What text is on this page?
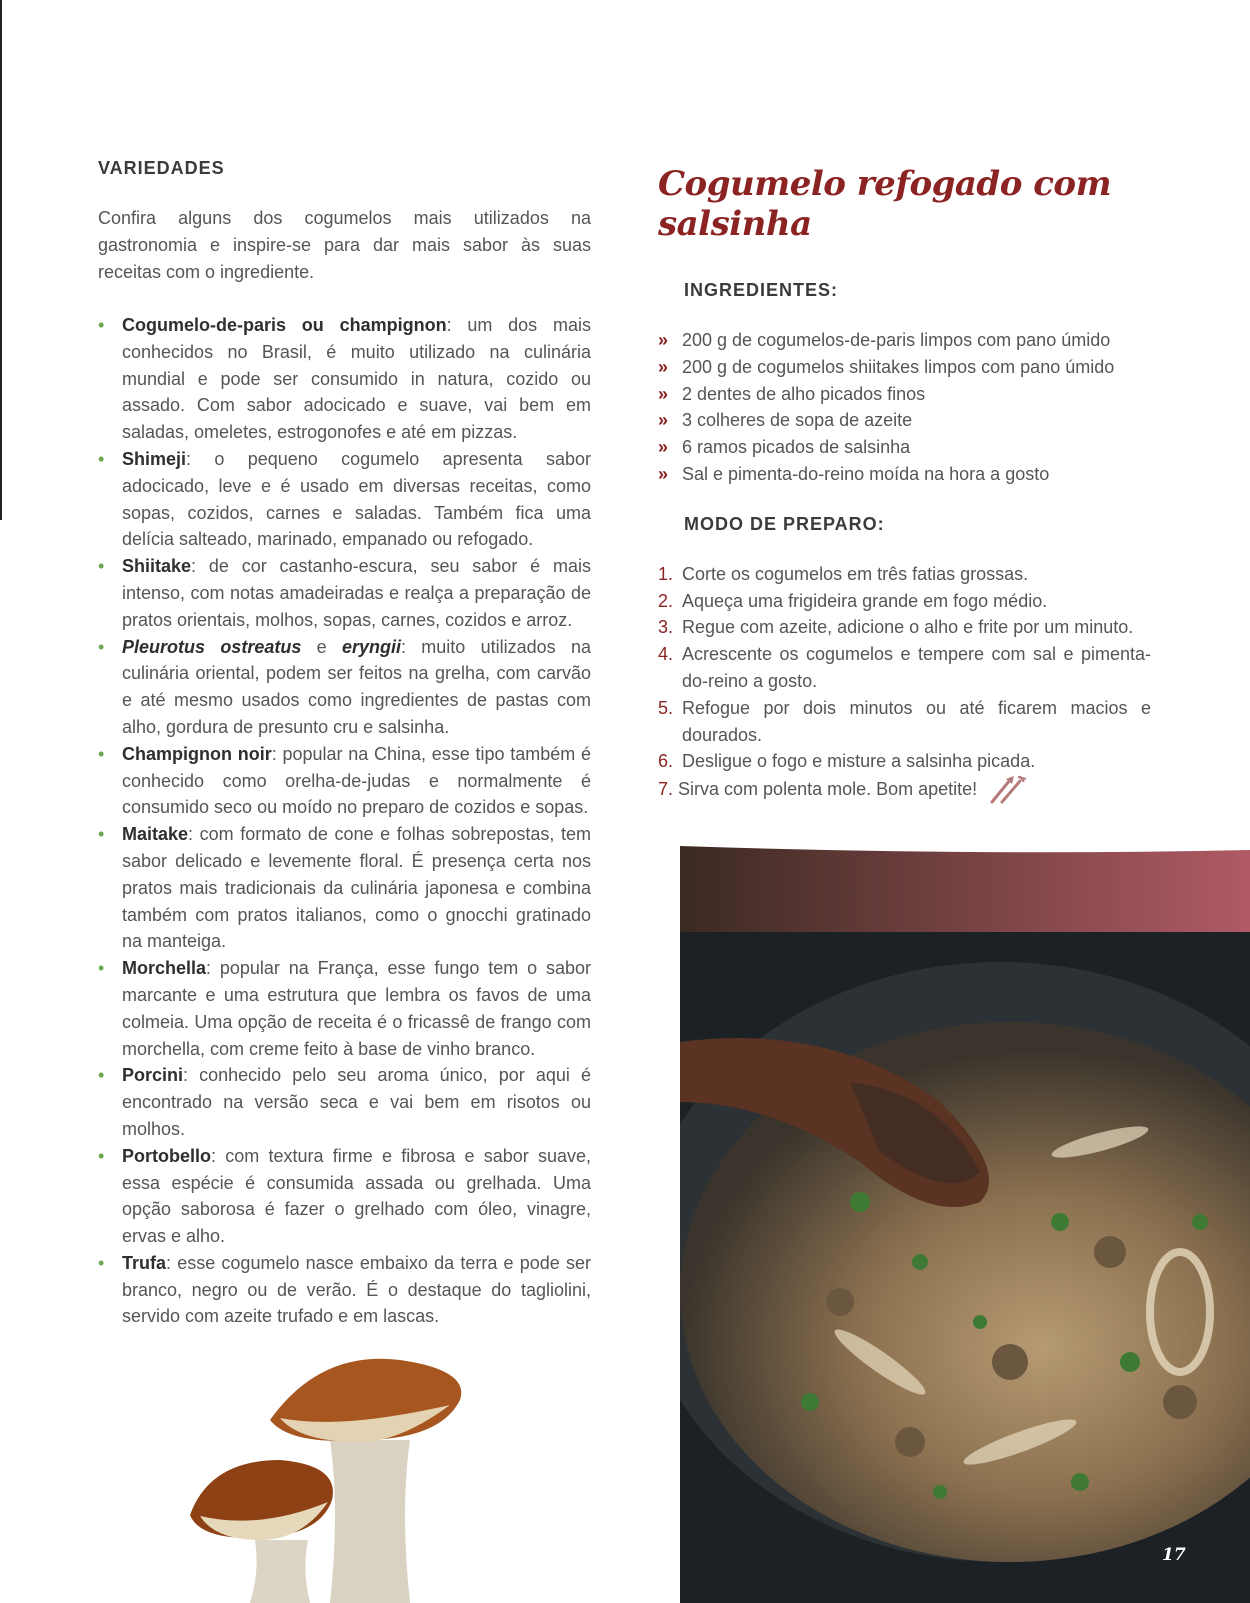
VARIEDADES

Confira alguns dos cogumelos mais utilizados na gastronomia e inspire-se para dar mais sabor às suas receitas com o ingrediente.

• Cogumelo-de-paris ou champignon: um dos mais conhecidos no Brasil, é muito utilizado na culinária mundial e pode ser consumido in natura, cozido ou assado. Com sabor adocicado e suave, vai bem em saladas, omeletes, estrogonofes e até em pizzas.
• Shimeji: o pequeno cogumelo apresenta sabor adocicado, leve e é usado em diversas receitas, como sopas, cozidos, carnes e saladas. Também fica uma delícia salteado, marinado, empanado ou refogado.
• Shiitake: de cor castanho-escura, seu sabor é mais intenso, com notas amadeiradas e realça a preparação de pratos orientais, molhos, sopas, carnes, cozidos e arroz.
• Pleurotus ostreatus e eryngii: muito utilizados na culinária oriental, podem ser feitos na grelha, com carvão e até mesmo usados como ingredientes de pastas com alho, gordura de presunto cru e salsinha.
• Champignon noir: popular na China, esse tipo também é conhecido como orelha-de-judas e normalmente é consumido seco ou moído no preparo de cozidos e sopas.
• Maitake: com formato de cone e folhas sobrepostas, tem sabor delicado e levemente floral. É presença certa nos pratos mais tradicionais da culinária japonesa e combina também com pratos italianos, como o gnocchi gratinado na manteiga.
• Morchella: popular na França, esse fungo tem o sabor marcante e uma estrutura que lembra os favos de uma colmeia. Uma opção de receita é o fricassê de frango com morchella, com creme feito à base de vinho branco.
• Porcini: conhecido pelo seu aroma único, por aqui é encontrado na versão seca e vai bem em risotos ou molhos.
• Portobello: com textura firme e fibrosa e sabor suave, essa espécie é consumida assada ou grelhada. Uma opção saborosa é fazer o grelhado com óleo, vinagre, ervas e alho.
• Trufa: esse cogumelo nasce embaixo da terra e pode ser branco, negro ou de verão. É o destaque do tagliolini, servido com azeite trufado e em lascas.
Cogumelo refogado com salsinha
INGREDIENTES:
» 200 g de cogumelos-de-paris limpos com pano úmido
» 200 g de cogumelos shiitakes limpos com pano úmido
» 2 dentes de alho picados finos
» 3 colheres de sopa de azeite
» 6 ramos picados de salsinha
» Sal e pimenta-do-reino moída na hora a gosto
MODO DE PREPARO:
1. Corte os cogumelos em três fatias grossas.
2. Aqueça uma frigideira grande em fogo médio.
3. Regue com azeite, adicione o alho e frite por um minuto.
4. Acrescente os cogumelos e tempere com sal e pimenta-do-reino a gosto.
5. Refogue por dois minutos ou até ficarem macios e dourados.
6. Desligue o fogo e misture a salsinha picada.
7. Sirva com polenta mole. Bom apetite!
17
